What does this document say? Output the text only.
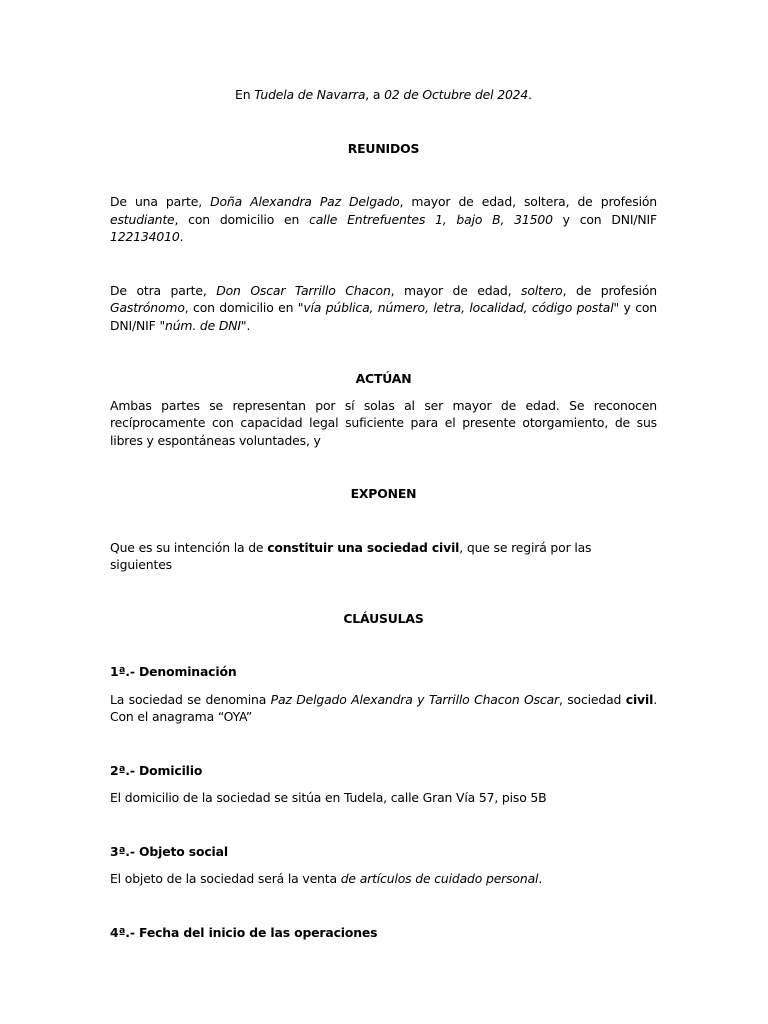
En Tudela de Navarra, a 02 de Octubre del 2024.

REUNIDOS

De una parte, Doña Alexandra Paz Delgado, mayor de edad, soltera, de profesión estudiante, con domicilio en calle Entrefuentes 1, bajo B, 31500 y con DNI/NIF 122134010.

De otra parte, Don Oscar Tarrillo Chacon, mayor de edad, soltero, de profesión Gastrónomo, con domicilio en "vía pública, número, letra, localidad, código postal" y con DNI/NIF "núm. de DNI".

ACTÚAN

Ambas partes se representan por sí solas al ser mayor de edad. Se reconocen recíprocamente con capacidad legal suficiente para el presente otorgamiento, de sus libres y espontáneas voluntades, y

EXPONEN

Que es su intención la de constituir una sociedad civil, que se regirá por las siguientes

CLÁUSULAS

1ª.- Denominación

La sociedad se denomina Paz Delgado Alexandra y Tarrillo Chacon Oscar, sociedad civil. Con el anagrama “OYA”

2ª.- Domicilio

El domicilio de la sociedad se sitúa en Tudela, calle Gran Vía 57, piso 5B

3ª.- Objeto social

El objeto de la sociedad será la venta de artículos de cuidado personal.

4ª.- Fecha del inicio de las operaciones
